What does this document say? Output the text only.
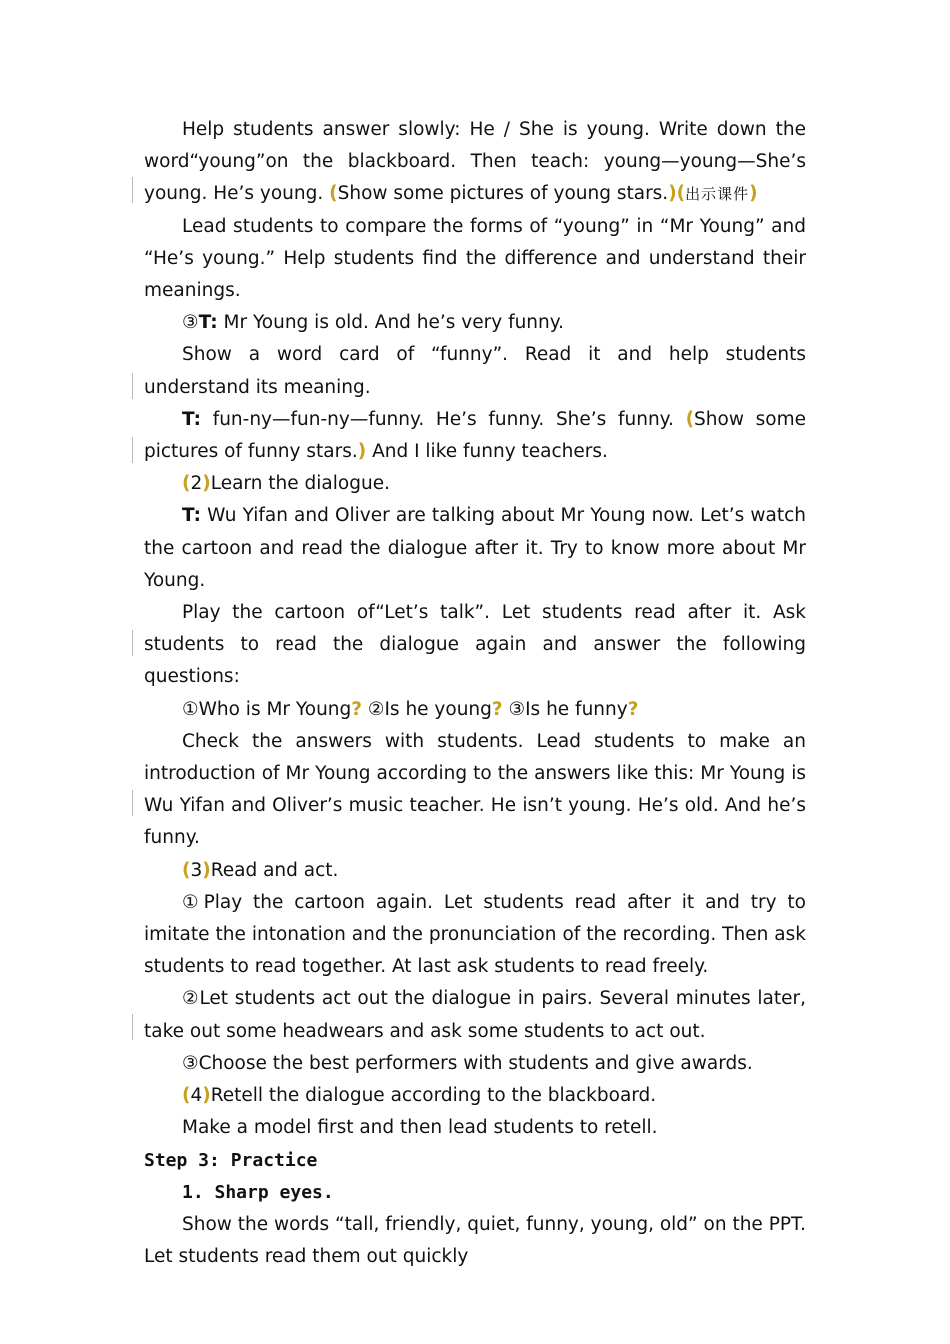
Help students answer slowly: He / She is young. Write down the word“young”on the blackboard. Then teach: young—young—She’s young. He’s young. (Show some pictures of young stars.)(出示课件)

Lead students to compare the forms of “young” in “Mr Young” and “He’s young.” Help students find the difference and understand their meanings.

③T: Mr Young is old. And he’s very funny.

Show a word card of “funny”. Read it and help students understand its meaning.

T: fun-ny—fun-ny—funny. He’s funny. She’s funny. (Show some pictures of funny stars.) And I like funny teachers.

(2)Learn the dialogue.

T: Wu Yifan and Oliver are talking about Mr Young now. Let’s watch the cartoon and read the dialogue after it. Try to know more about Mr Young.

Play the cartoon of“Let’s talk”. Let students read after it. Ask students to read the dialogue again and answer the following questions:

①Who is Mr Young? ②Is he young? ③Is he funny?

Check the answers with students. Lead students to make an introduction of Mr Young according to the answers like this: Mr Young is Wu Yifan and Oliver’s music teacher. He isn’t young. He’s old. And he’s funny.

(3)Read and act.

①Play the cartoon again. Let students read after it and try to imitate the intonation and the pronunciation of the recording. Then ask students to read together. At last ask students to read freely.

②Let students act out the dialogue in pairs. Several minutes later, take out some headwears and ask some students to act out.

③Choose the best performers with students and give awards.

(4)Retell the dialogue according to the blackboard.

Make a model first and then lead students to retell.

Step 3: Practice

1. Sharp eyes.

Show the words “tall, friendly, quiet, funny, young, old” on the PPT. Let students read them out quickly
